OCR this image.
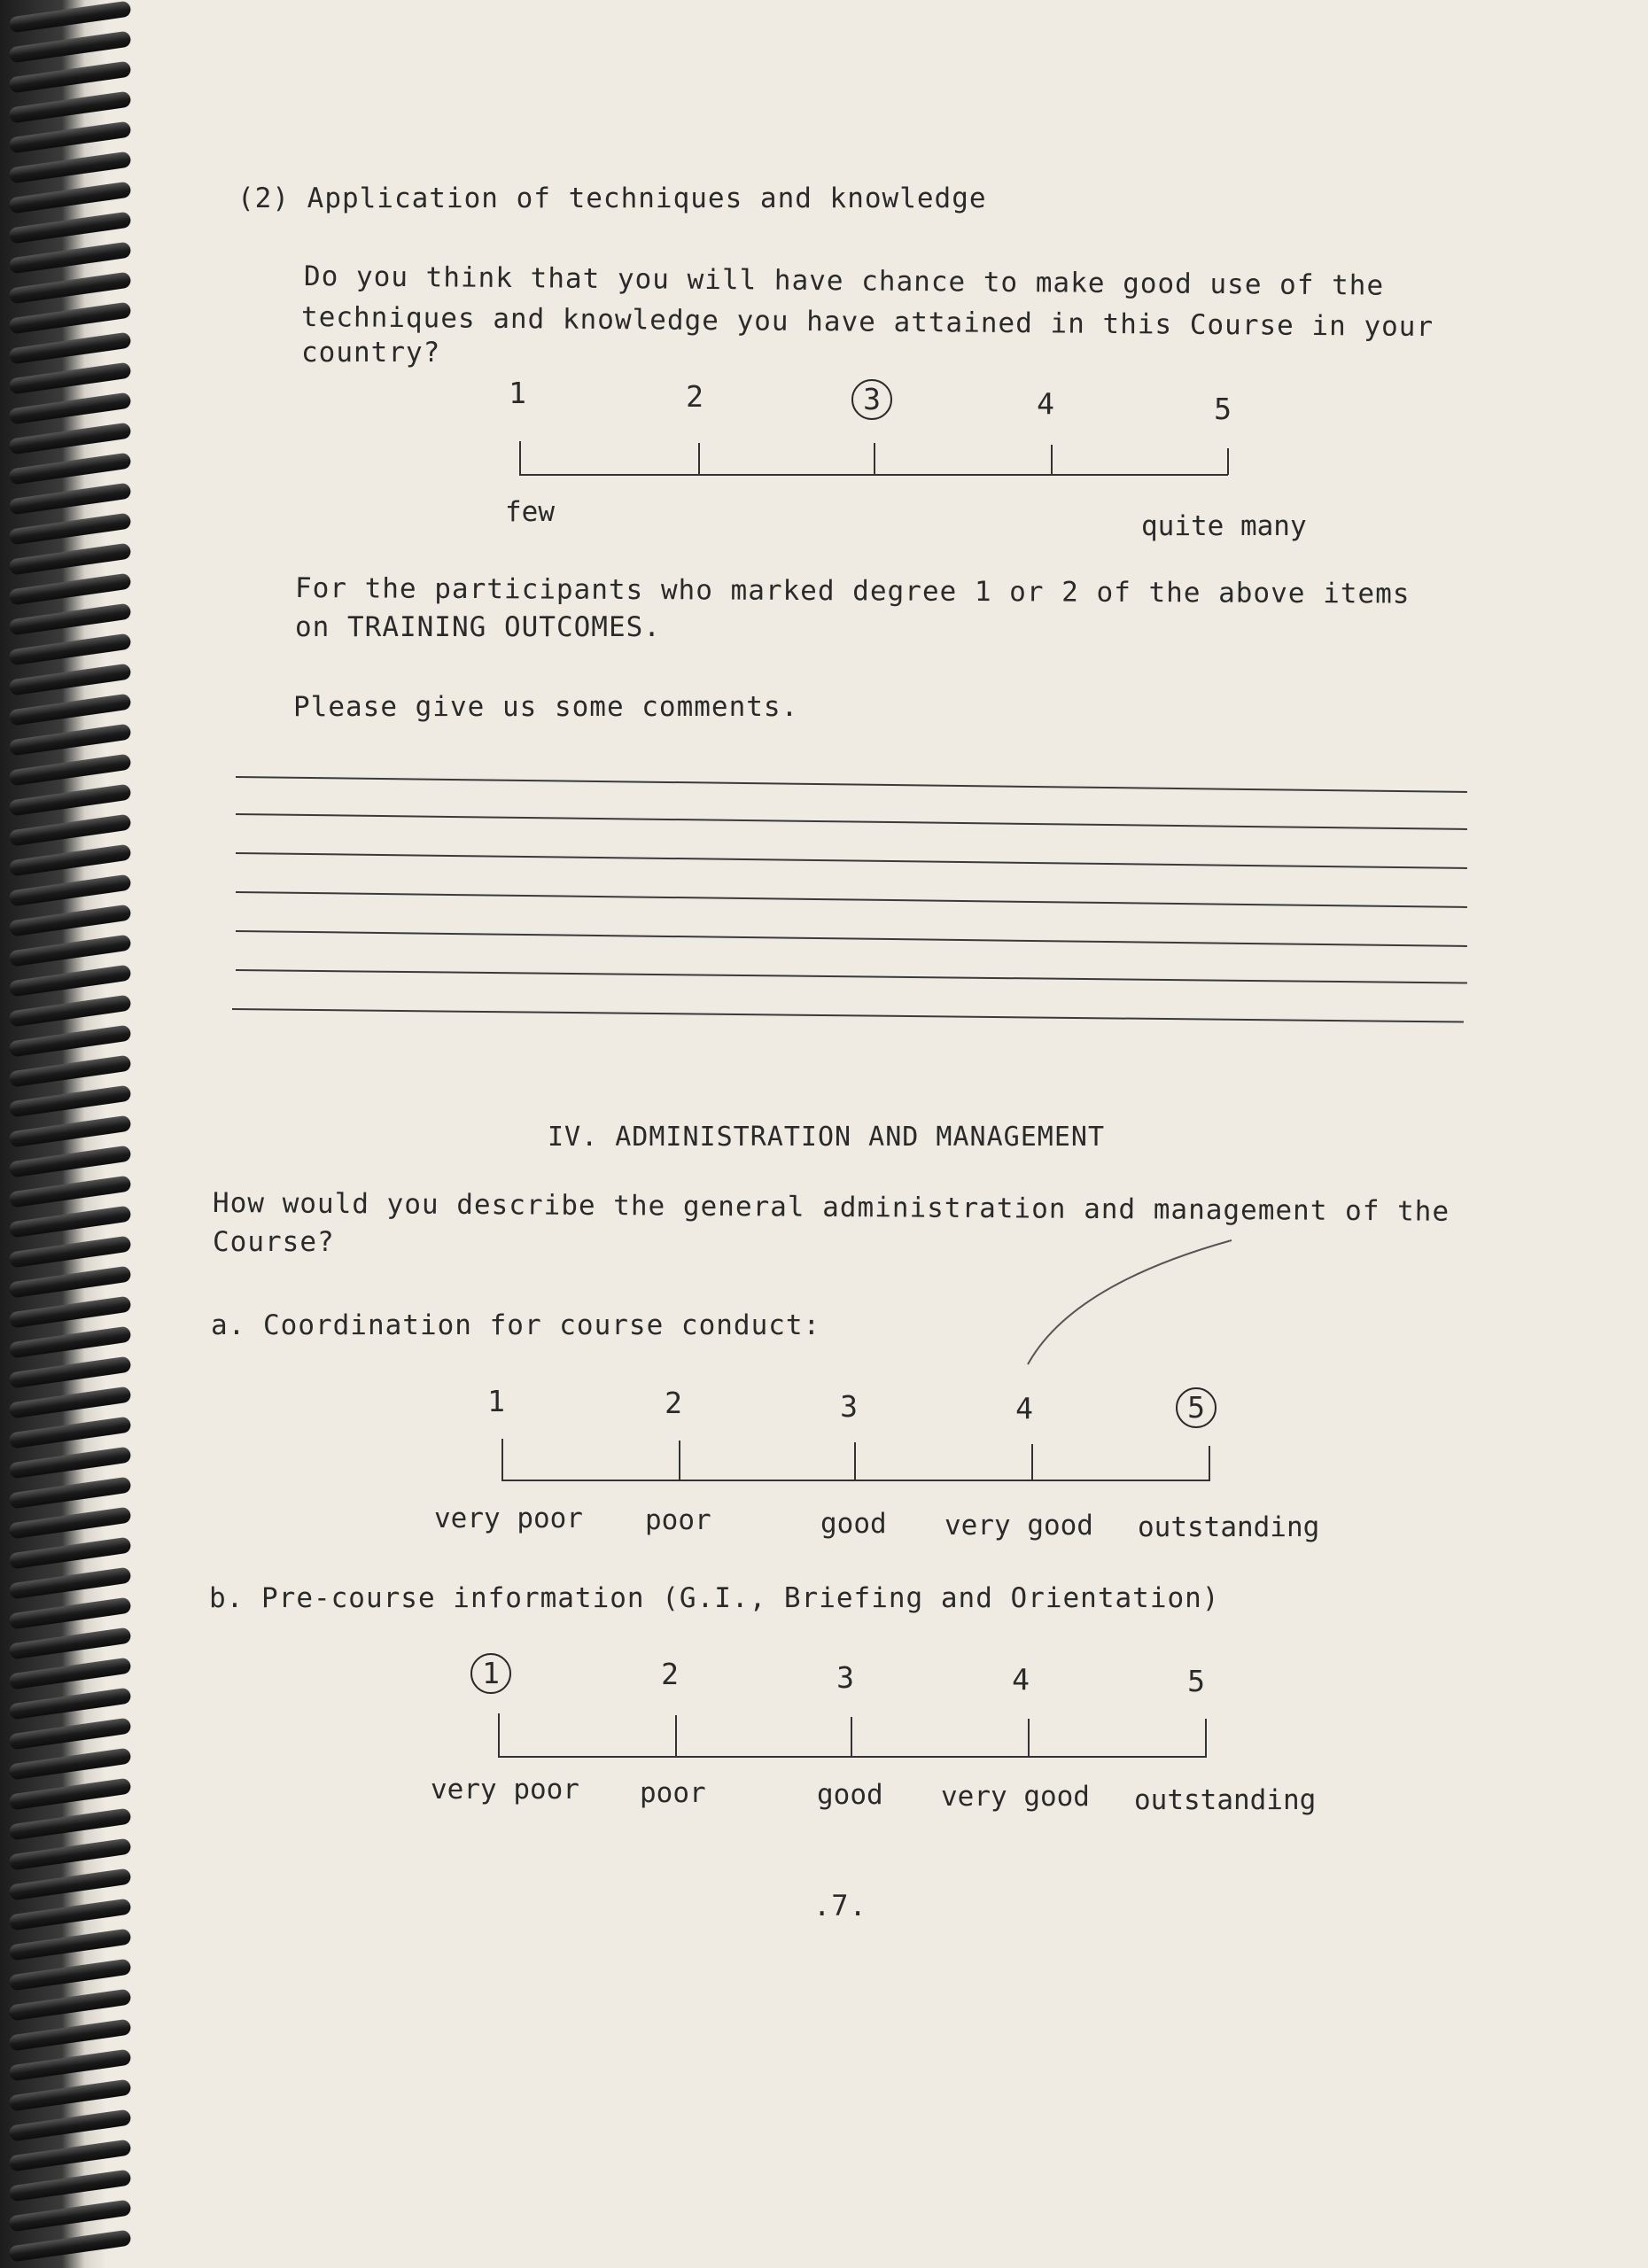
(2) Application of techniques and knowledge
Do you think that you will have chance to make good use of the
techniques and knowledge you have attained in this Course in your
country?
1	2	3	4	5
few	quite many
For the participants who marked degree 1 or 2 of the above items
on TRAINING OUTCOMES.
Please give us some comments.
IV. ADMINISTRATION AND MANAGEMENT
How would you describe the general administration and management of the
Course?
a. Coordination for course conduct:
1	2	3	4	5
very poor poor	good very good outstanding
b. Pre-course information (G.I., Briefing and Orientation)
1	2	3	4	5
very poor poor	good very good outstanding
.7.
